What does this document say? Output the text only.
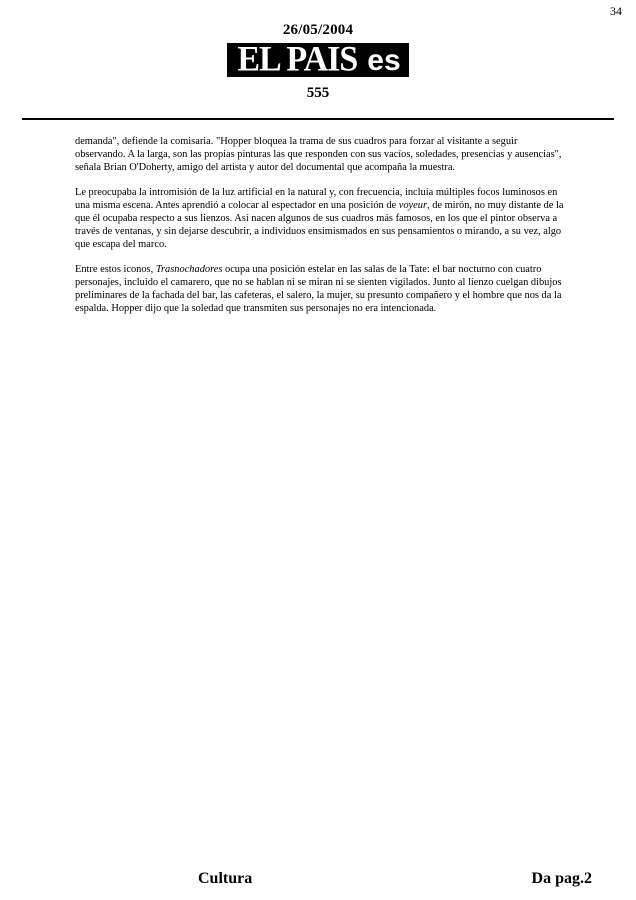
34
26/05/2004
EL PAIS es
555

demanda", defiende la comisaria. "Hopper bloquea la trama de sus cuadros para forzar al visitante a seguir observando. A la larga, son las propias pinturas las que responden con sus vacíos, soledades, presencias y ausencias", señala Brian O'Doherty, amigo del artista y autor del documental que acompaña la muestra.

Le preocupaba la intromisión de la luz artificial en la natural y, con frecuencia, incluía múltiples focos luminosos en una misma escena. Antes aprendió a colocar al espectador en una posición de voyeur, de mirón, no muy distante de la que él ocupaba respecto a sus lienzos. Así nacen algunos de sus cuadros más famosos, en los que el pintor observa a través de ventanas, y sin dejarse descubrir, a individuos ensimismados en sus pensamientos o mirando, a su vez, algo que escapa del marco.

Entre estos iconos, Trasnochadores ocupa una posición estelar en las salas de la Tate: el bar nocturno con cuatro personajes, incluido el camarero, que no se hablan ni se miran ni se sienten vigilados. Junto al lienzo cuelgan dibujos preliminares de la fachada del bar, las cafeteras, el salero, la mujer, su presunto compañero y el hombre que nos da la espalda. Hopper dijo que la soledad que transmiten sus personajes no era intencionada.

Cultura	Da pag.2
